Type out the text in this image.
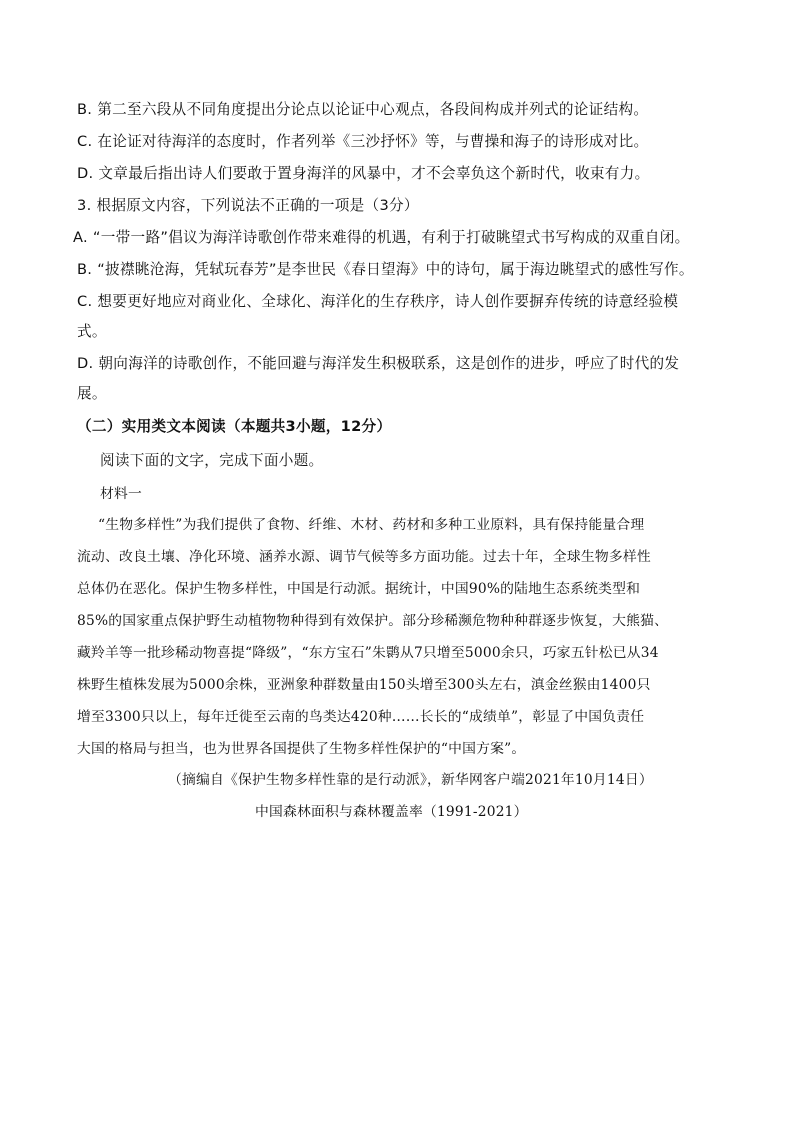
B. 第二至六段从不同角度提出分论点以论证中心观点，各段间构成并列式的论证结构。
C. 在论证对待海洋的态度时，作者列举《三沙抒怀》等，与曹操和海子的诗形成对比。
D. 文章最后指出诗人们要敢于置身海洋的风暴中，才不会辜负这个新时代，收束有力。
3. 根据原文内容，下列说法不正确的一项是（3分）
A. “一带一路”倡议为海洋诗歌创作带来难得的机遇，有利于打破眺望式书写构成的双重自闭。
B. “披襟眺沧海，凭轼玩春芳”是李世民《春日望海》中的诗句，属于海边眺望式的感性写作。
C. 想要更好地应对商业化、全球化、海洋化的生存秩序，诗人创作要摒弃传统的诗意经验模
式。
D. 朝向海洋的诗歌创作，不能回避与海洋发生积极联系，这是创作的进步，呼应了时代的发
展。
（二）实用类文本阅读（本题共3小题，12分）
阅读下面的文字，完成下面小题。
材料一
“生物多样性”为我们提供了食物、纤维、木材、药材和多种工业原料，具有保持能量合理
流动、改良土壤、净化环境、涵养水源、调节气候等多方面功能。过去十年，全球生物多样性
总体仍在恶化。保护生物多样性，中国是行动派。据统计，中国90%的陆地生态系统类型和
85%的国家重点保护野生动植物物种得到有效保护。部分珍稀濒危物种种群逐步恢复，大熊猫、
藏羚羊等一批珍稀动物喜提“降级”，“东方宝石”朱鹮从7只增至5000余只，巧家五针松已从34
株野生植株发展为5000余株，亚洲象种群数量由150头增至300头左右，滇金丝猴由1400只
增至3300只以上，每年迁徙至云南的鸟类达420种……长长的“成绩单”，彰显了中国负责任
大国的格局与担当，也为世界各国提供了生物多样性保护的“中国方案”。
（摘编自《保护生物多样性靠的是行动派》，新华网客户端2021年10月14日）
中国森林面积与森林覆盖率（1991-2021）
